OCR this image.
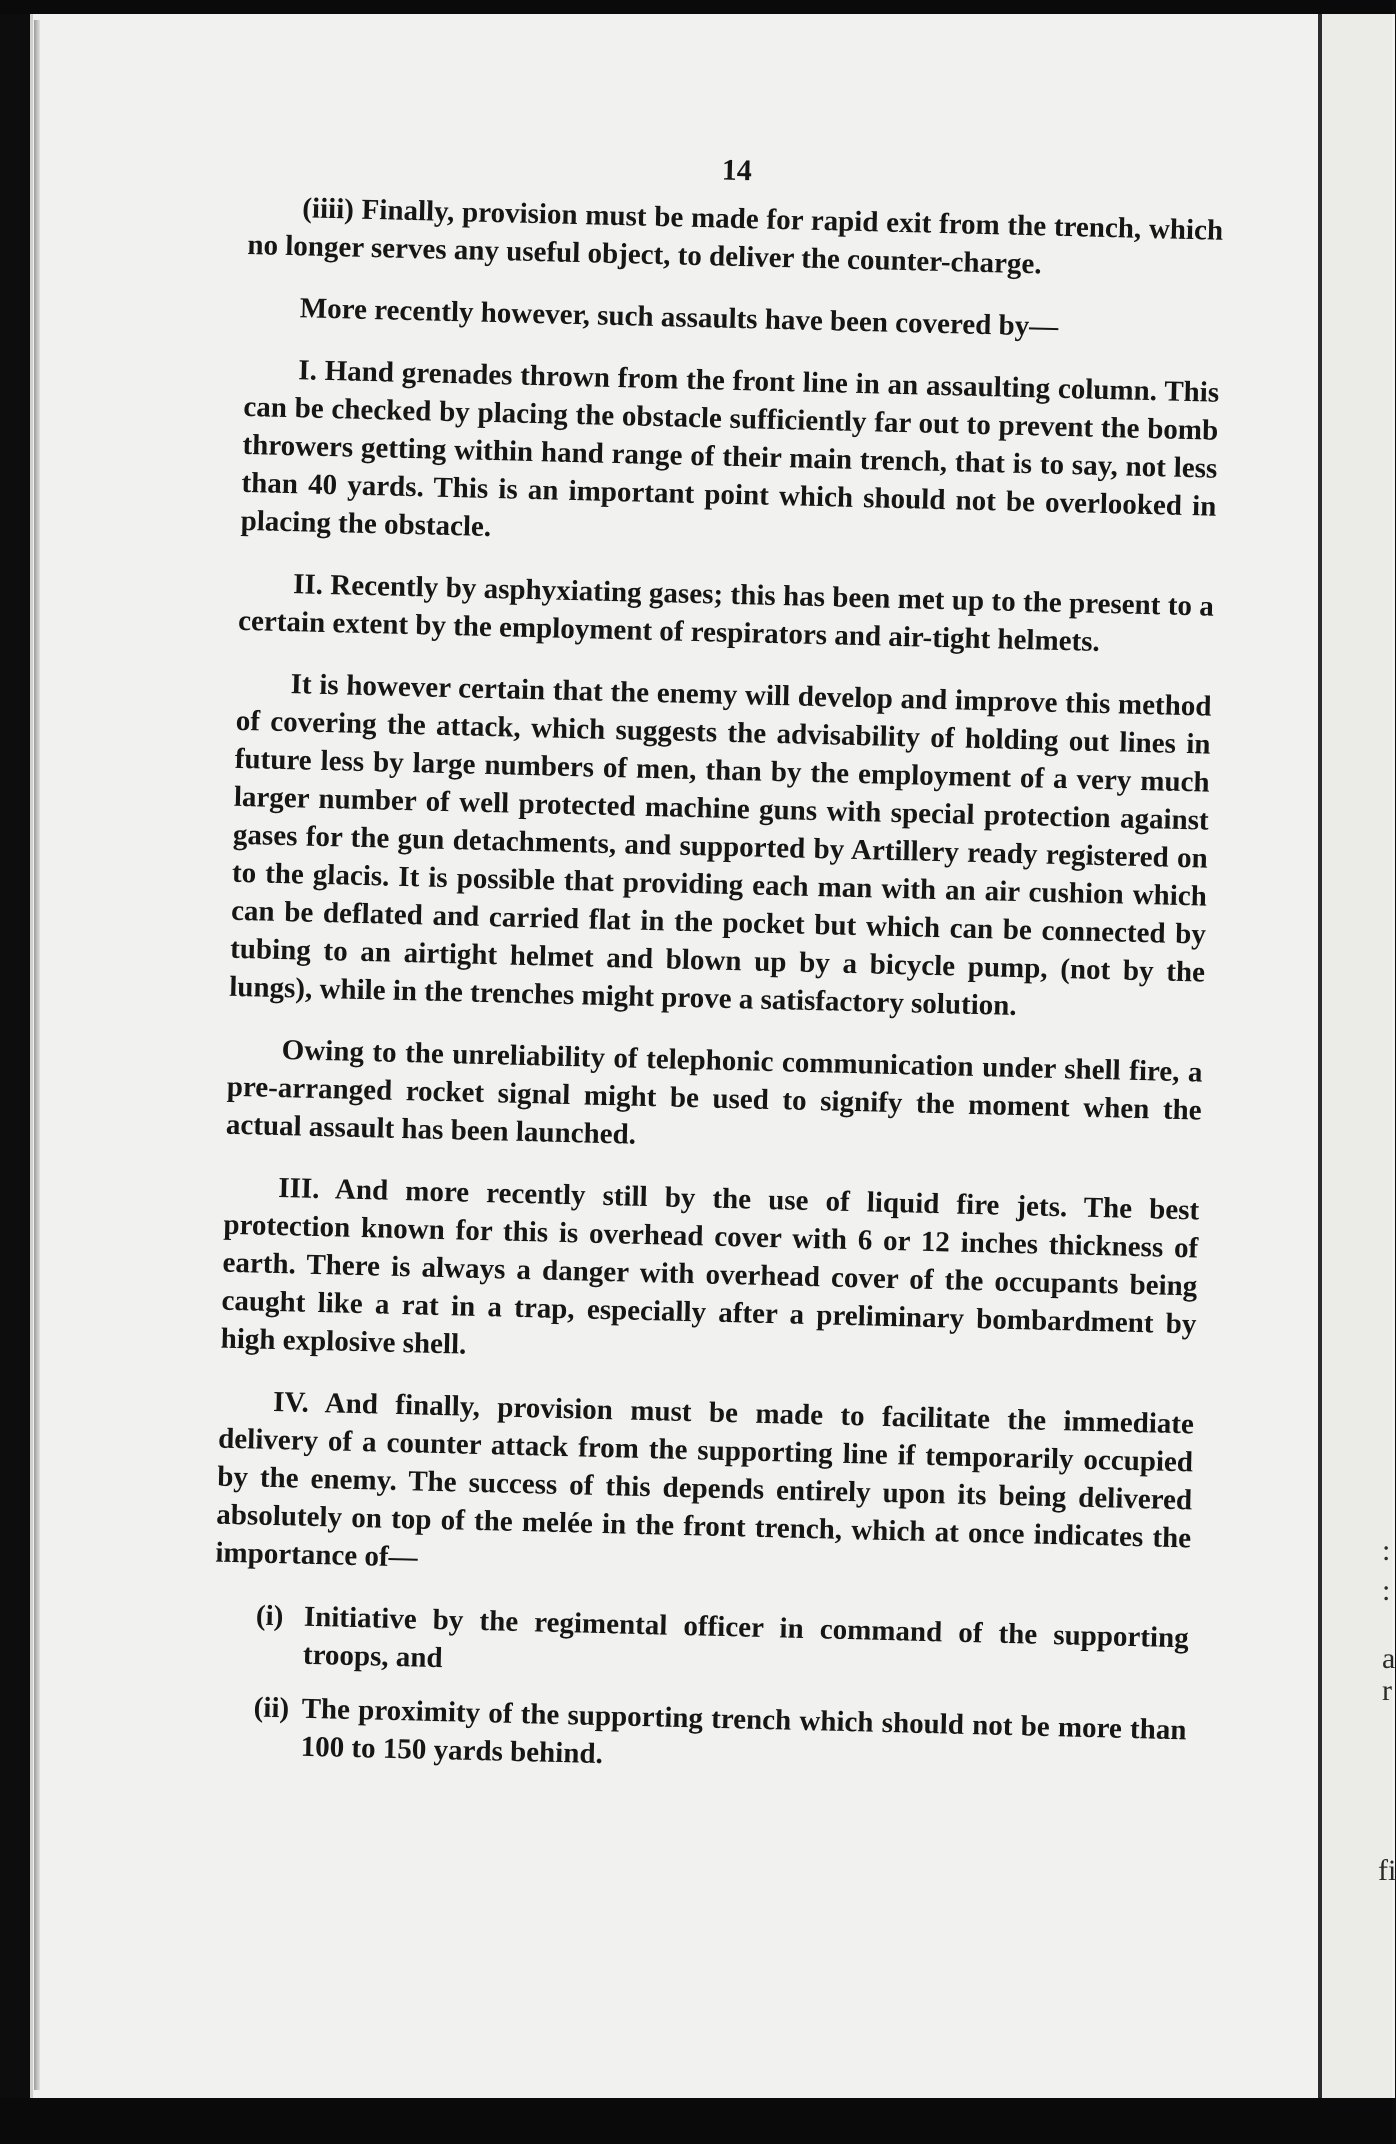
:
:
a
r
fi
14

(iiii) Finally, provision must be made for rapid exit from the trench, which no longer serves any useful object, to deliver the counter-charge.

More recently however, such assaults have been covered by—

I. Hand grenades thrown from the front line in an assaulting column. This can be checked by placing the obstacle sufficiently far out to prevent the bomb throwers getting within hand range of their main trench, that is to say, not less than 40 yards. This is an important point which should not be overlooked in placing the obstacle.

II. Recently by asphyxiating gases; this has been met up to the present to a certain extent by the employment of respirators and air-tight helmets.

It is however certain that the enemy will develop and improve this method of covering the attack, which suggests the advisability of holding out lines in future less by large numbers of men, than by the employment of a very much larger number of well protected machine guns with special protection against gases for the gun detachments, and supported by Artillery ready registered on to the glacis. It is possible that providing each man with an air cushion which can be deflated and carried flat in the pocket but which can be connected by tubing to an airtight helmet and blown up by a bicycle pump, (not by the lungs), while in the trenches might prove a satisfactory solution.

Owing to the unreliability of telephonic communication under shell fire, a pre-arranged rocket signal might be used to signify the moment when the actual assault has been launched.

III. And more recently still by the use of liquid fire jets. The best protection known for this is overhead cover with 6 or 12 inches thickness of earth. There is always a danger with overhead cover of the occupants being caught like a rat in a trap, especially after a preliminary bombardment by high explosive shell.

IV. And finally, provision must be made to facilitate the immediate delivery of a counter attack from the supporting line if temporarily occupied by the enemy. The success of this depends entirely upon its being delivered absolutely on top of the melée in the front trench, which at once indicates the importance of—

(i) Initiative by the regimental officer in command of the supporting troops, and
(ii) The proximity of the supporting trench which should not be more than 100 to 150 yards behind.
